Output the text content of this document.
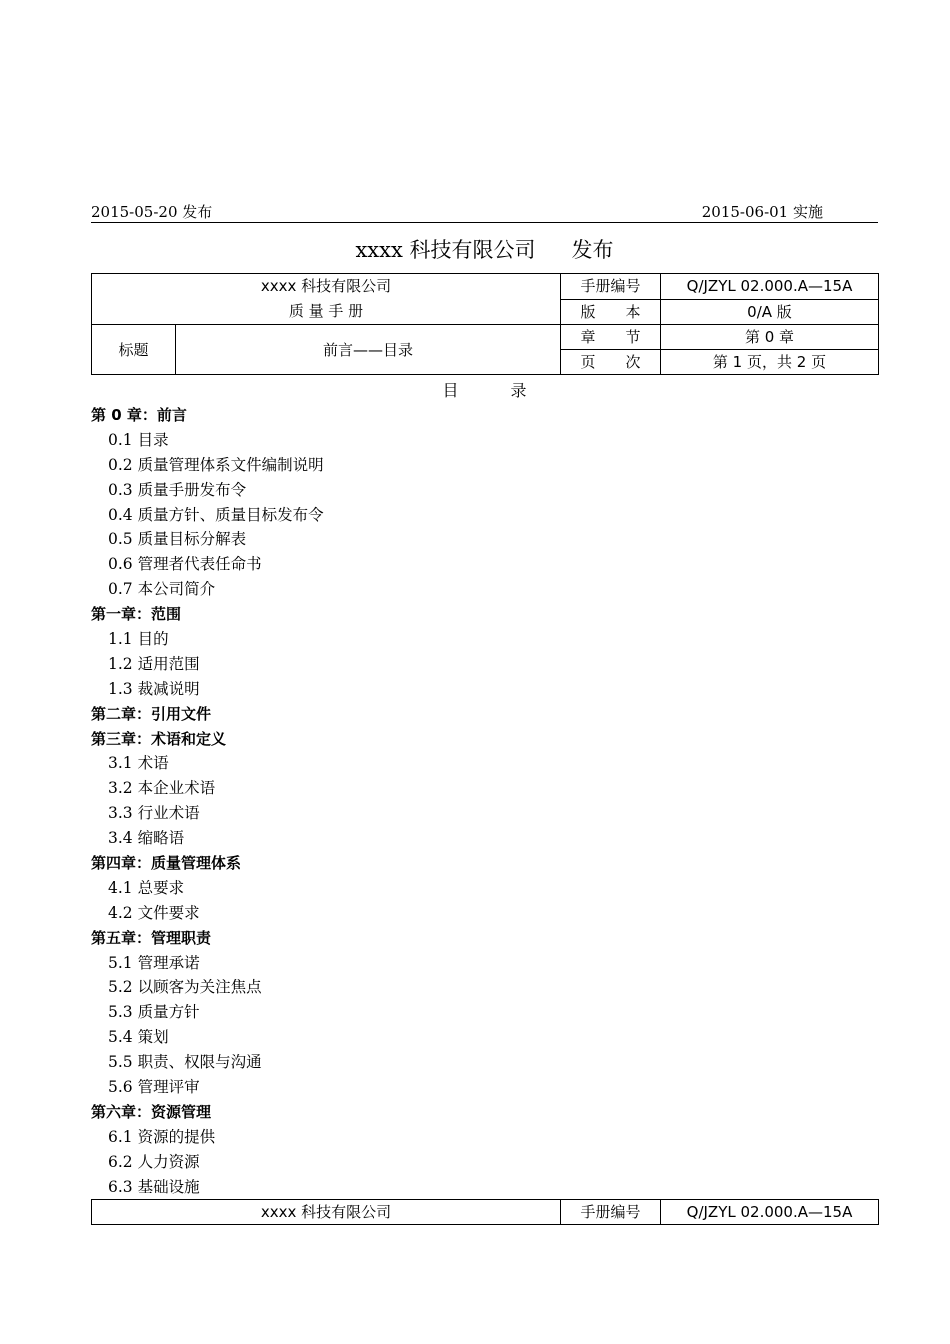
2015-05-20 发布	2015-06-01 实施
xxxx 科技有限公司 发布
xxxx 科技有限公司
质 量 手 册		手册编号	Q/JZYL 02.000.A—15A
		版　　本	0/A 版
标题	前言——目录	章　　节	第 0 章
		页　　次	第 1 页，共 2 页
目	录
第 0 章：前言
0.1 目录
0.2 质量管理体系文件编制说明
0.3 质量手册发布令
0.4 质量方针、质量目标发布令
0.5 质量目标分解表
0.6 管理者代表任命书
0.7 本公司简介
第一章：范围
1.1 目的
1.2 适用范围
1.3 裁减说明
第二章：引用文件
第三章：术语和定义
3.1 术语
3.2 本企业术语
3.3 行业术语
3.4 缩略语
第四章：质量管理体系
4.1 总要求
4.2 文件要求
第五章：管理职责
5.1 管理承诺
5.2 以顾客为关注焦点
5.3 质量方针
5.4 策划
5.5 职责、权限与沟通
5.6 管理评审
第六章：资源管理
6.1 资源的提供
6.2 人力资源
6.3 基础设施
xxxx 科技有限公司	手册编号	Q/JZYL 02.000.A—15A
